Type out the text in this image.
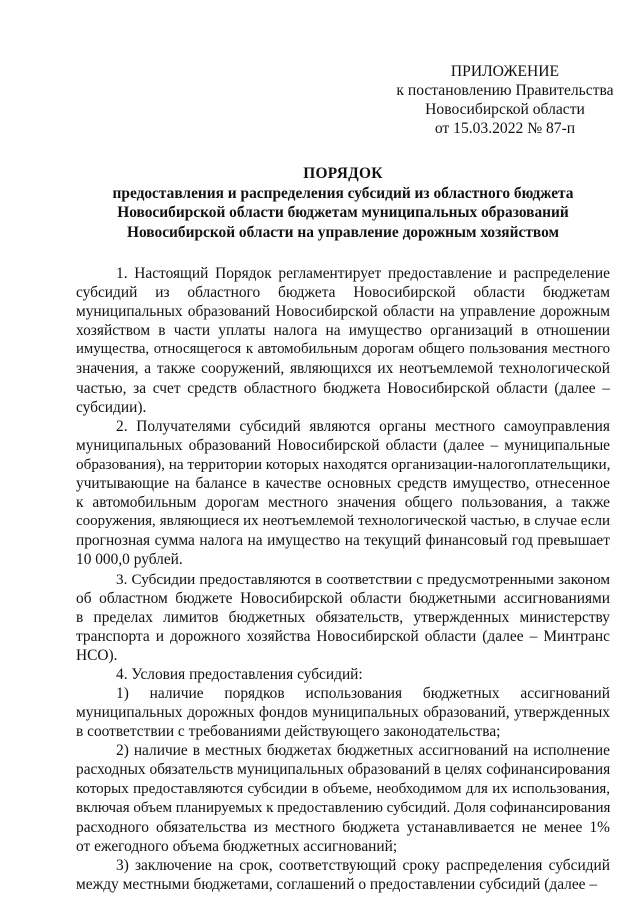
ПРИЛОЖЕНИЕ
к постановлению Правительства
Новосибирской области
от 15.03.2022 № 87-п
ПОРЯДОК
предоставления и распределения субсидий из областного бюджета
Новосибирской области бюджетам муниципальных образований
Новосибирской области на управление дорожным хозяйством
1. Настоящий Порядок регламентирует предоставление и распределение
субсидий из областного бюджета Новосибирской области бюджетам
муниципальных образований Новосибирской области на управление дорожным
хозяйством в части уплаты налога на имущество организаций в отношении
имущества, относящегося к автомобильным дорогам общего пользования местного
значения, а также сооружений, являющихся их неотъемлемой технологической
частью, за счет средств областного бюджета Новосибирской области (далее –
субсидии).
2. Получателями субсидий являются органы местного самоуправления
муниципальных образований Новосибирской области (далее – муниципальные
образования), на территории которых находятся организации-налогоплательщики,
учитывающие на балансе в качестве основных средств имущество, отнесенное
к автомобильным дорогам местного значения общего пользования, а также
сооружения, являющиеся их неотъемлемой технологической частью, в случае если
прогнозная сумма налога на имущество на текущий финансовый год превышает
10 000,0 рублей.
3. Субсидии предоставляются в соответствии с предусмотренными законом
об областном бюджете Новосибирской области бюджетными ассигнованиями
в пределах лимитов бюджетных обязательств, утвержденных министерству
транспорта и дорожного хозяйства Новосибирской области (далее – Минтранс
НСО).
4. Условия предоставления субсидий:
1) наличие порядков использования бюджетных ассигнований
муниципальных дорожных фондов муниципальных образований, утвержденных
в соответствии с требованиями действующего законодательства;
2) наличие в местных бюджетах бюджетных ассигнований на исполнение
расходных обязательств муниципальных образований в целях софинансирования
которых предоставляются субсидии в объеме, необходимом для их использования,
включая объем планируемых к предоставлению субсидий. Доля софинансирования
расходного обязательства из местного бюджета устанавливается не менее 1%
от ежегодного объема бюджетных ассигнований;
3) заключение на срок, соответствующий сроку распределения субсидий
между местными бюджетами, соглашений о предоставлении субсидий (далее –
